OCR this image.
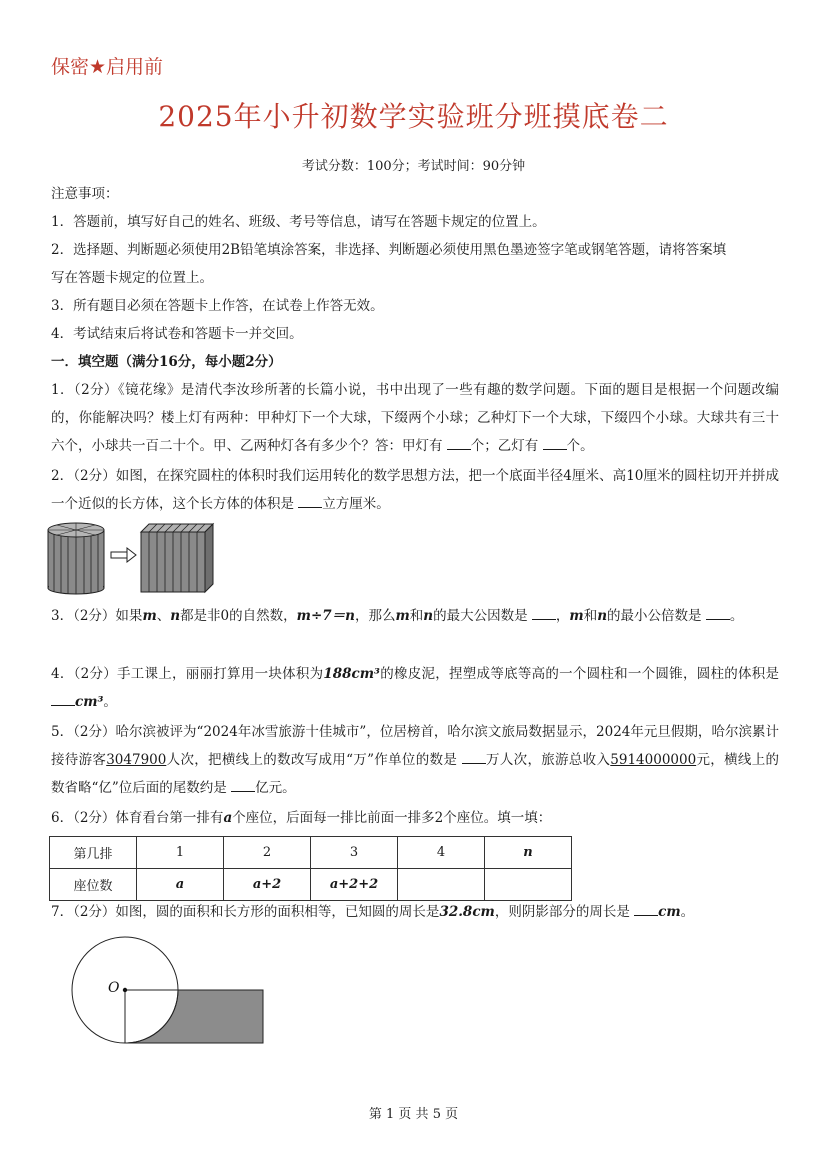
保密★启用前
2025年小升初数学实验班分班摸底卷二
考试分数：100分；考试时间：90分钟
注意事项：
1．答题前，填写好自己的姓名、班级、考号等信息，请写在答题卡规定的位置上。
2．选择题、判断题必须使用2B铅笔填涂答案，非选择、判断题必须使用黑色墨迹签字笔或钢笔答题，请将答案填
写在答题卡规定的位置上。
3．所有题目必须在答题卡上作答，在试卷上作答无效。
4．考试结束后将试卷和答题卡一并交回。
一．填空题（满分16分，每小题2分）
1．（2分）《镜花缘》是清代李汝珍所著的长篇小说，书中出现了一些有趣的数学问题。下面的题目是根据一个问题改编的，你能解决吗？楼上灯有两种：甲种灯下一个大球，下缀两个小球；乙种灯下一个大球，下缀四个小球。大球共有三十六个，小球共一百二十个。甲、乙两种灯各有多少个？答：甲灯有 个；乙灯有 个。
2．（2分）如图，在探究圆柱的体积时我们运用转化的数学思想方法，把一个底面半径4厘米、高10厘米的圆柱切开并拼成一个近似的长方体，这个长方体的体积是 立方厘米。
3．（2分）如果m、n都是非0的自然数，m÷7＝n，那么m和n的最大公因数是 ，m和n的最小公倍数是 。
4．（2分）手工课上，丽丽打算用一块体积为188cm³的橡皮泥，捏塑成等底等高的一个圆柱和一个圆锥，圆柱的体积是 cm³。
5．（2分）哈尔滨被评为“2024年冰雪旅游十佳城市”，位居榜首，哈尔滨文旅局数据显示，2024年元旦假期，哈尔滨累计接待游客3047900人次，把横线上的数改写成用“万”作单位的数是 万人次，旅游总收入5914000000元，横线上的数省略“亿”位后面的尾数约是 亿元。
6．（2分）体育看台第一排有a个座位，后面每一排比前面一排多2个座位。填一填：
第几排	1	2	3	4	n
座位数	a	a+2	a+2+2		
7．（2分）如图，圆的面积和长方形的面积相等，已知圆的周长是32.8cm，则阴影部分的周长是 cm。
O
第 1 页 共 5 页
